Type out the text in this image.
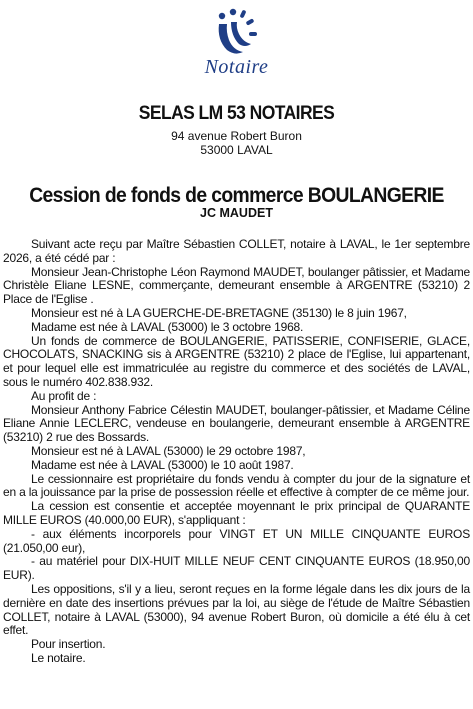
Notaire
SELAS LM 53 NOTAIRES
94 avenue Robert Buron
53000 LAVAL
Cession de fonds de commerce BOULANGERIE
JC MAUDET

Suivant acte reçu par Maître Sébastien COLLET, notaire à LAVAL, le 1er septembre 2026, a été cédé par :

Monsieur Jean-Christophe Léon Raymond MAUDET, boulanger pâtissier, et Madame Christèle Eliane LESNE, commerçante, demeurant ensemble à ARGENTRE (53210) 2 Place de l'Eglise .

Monsieur est né à LA GUERCHE-DE-BRETAGNE (35130) le 8 juin 1967,

Madame est née à LAVAL (53000) le 3 octobre 1968.

Un fonds de commerce de BOULANGERIE, PATISSERIE, CONFISERIE, GLACE, CHOCOLATS, SNACKING sis à ARGENTRE (53210) 2 place de l'Eglise, lui appartenant, et pour lequel elle est immatriculée au registre du commerce et des sociétés de LAVAL, sous le numéro 402.838.932.

Au profit de :

Monsieur Anthony Fabrice Célestin MAUDET, boulanger-pâtissier, et Madame Céline Eliane Annie LECLERC, vendeuse en boulangerie, demeurant ensemble à ARGENTRE (53210) 2 rue des Bossards.

Monsieur est né à LAVAL (53000) le 29 octobre 1987,

Madame est née à LAVAL (53000) le 10 août 1987.

Le cessionnaire est propriétaire du fonds vendu à compter du jour de la signature et en a la jouissance par la prise de possession réelle et effective à compter de ce même jour.

La cession est consentie et acceptée moyennant le prix principal de QUARANTE MILLE EUROS (40.000,00 EUR), s'appliquant :

- aux éléments incorporels pour VINGT ET UN MILLE CINQUANTE EUROS (21.050,00 eur),

- au matériel pour DIX-HUIT MILLE NEUF CENT CINQUANTE EUROS (18.950,00 EUR).

Les oppositions, s'il y a lieu, seront reçues en la forme légale dans les dix jours de la dernière en date des insertions prévues par la loi, au siège de l'étude de Maître Sébastien COLLET, notaire à LAVAL (53000), 94 avenue Robert Buron, où domicile a été élu à cet effet.

Pour insertion.

Le notaire.
